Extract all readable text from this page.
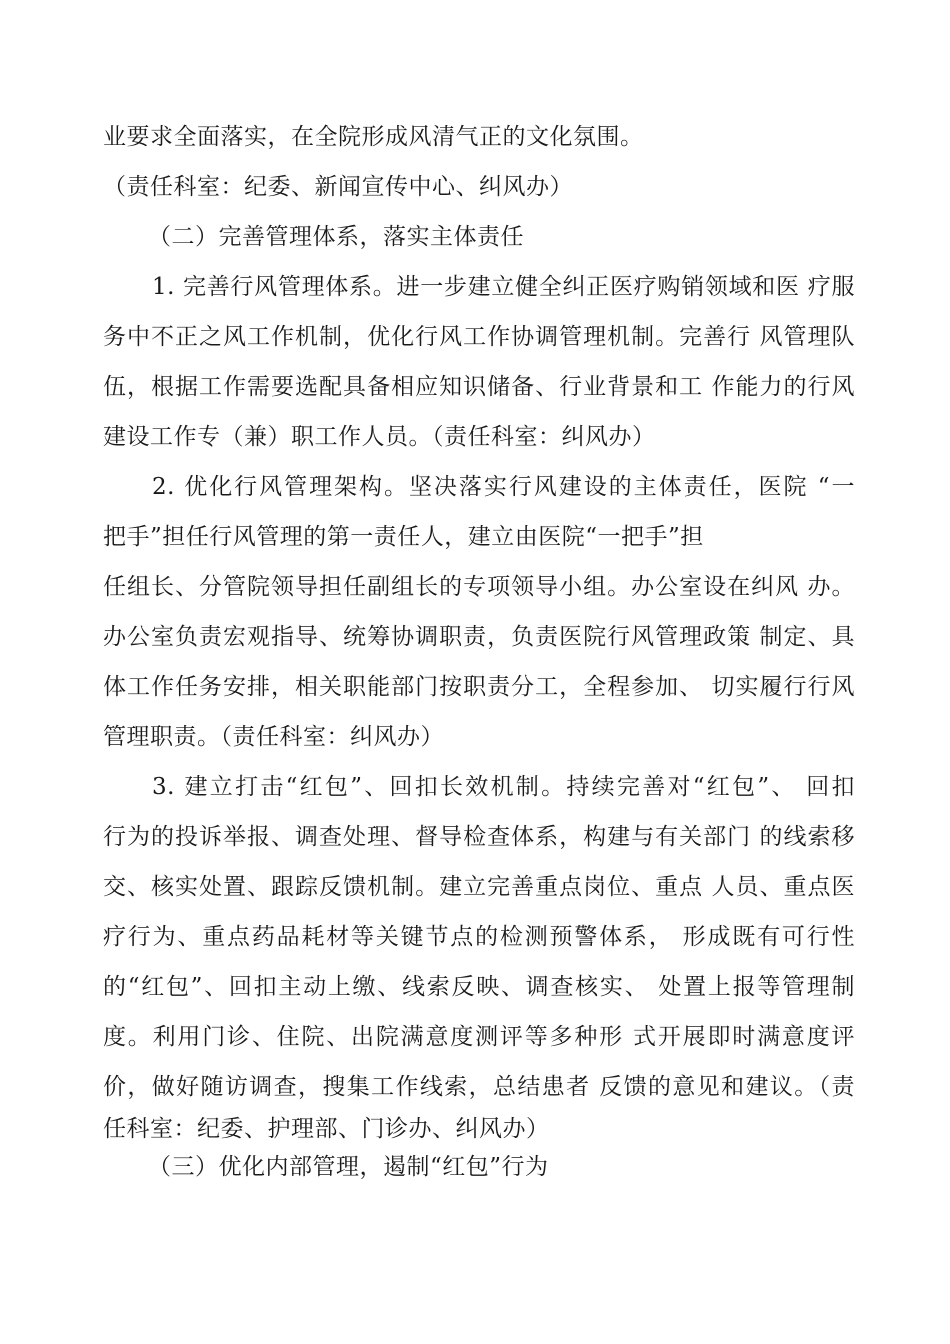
业要求全面落实，在全院形成风清气正的文化氛围。
（责任科室：纪委、新闻宣传中心、纠风办）
（二）完善管理体系，落实主体责任
1. 完善行风管理体系。进一步建立健全纠正医疗购销领域和医 疗服
务中不正之风工作机制，优化行风工作协调管理机制。完善行 风管理队
伍，根据工作需要选配具备相应知识储备、行业背景和工 作能力的行风
建设工作专（兼）职工作人员。（责任科室：纠风办）
2. 优化行风管理架构。坚决落实行风建设的主体责任，医院 “一
把手”担任行风管理的第一责任人，建立由医院“一把手”担
任组长、分管院领导担任副组长的专项领导小组。办公室设在纠风 办。
办公室负责宏观指导、统筹协调职责，负责医院行风管理政策 制定、具
体工作任务安排，相关职能部门按职责分工，全程参加、 切实履行行风
管理职责。（责任科室：纠风办）
3. 建立打击“红包”、回扣长效机制。持续完善对“红包”、 回扣
行为的投诉举报、调查处理、督导检查体系，构建与有关部门 的线索移
交、核实处置、跟踪反馈机制。建立完善重点岗位、重点 人员、重点医
疗行为、重点药品耗材等关键节点的检测预警体系， 形成既有可行性
的“红包”、回扣主动上缴、线索反映、调查核实、 处置上报等管理制
度。利用门诊、住院、出院满意度测评等多种形 式开展即时满意度评
价，做好随访调查，搜集工作线索，总结患者 反馈的意见和建议。（责
任科室：纪委、护理部、门诊办、纠风办）
（三）优化内部管理，遏制“红包”行为
